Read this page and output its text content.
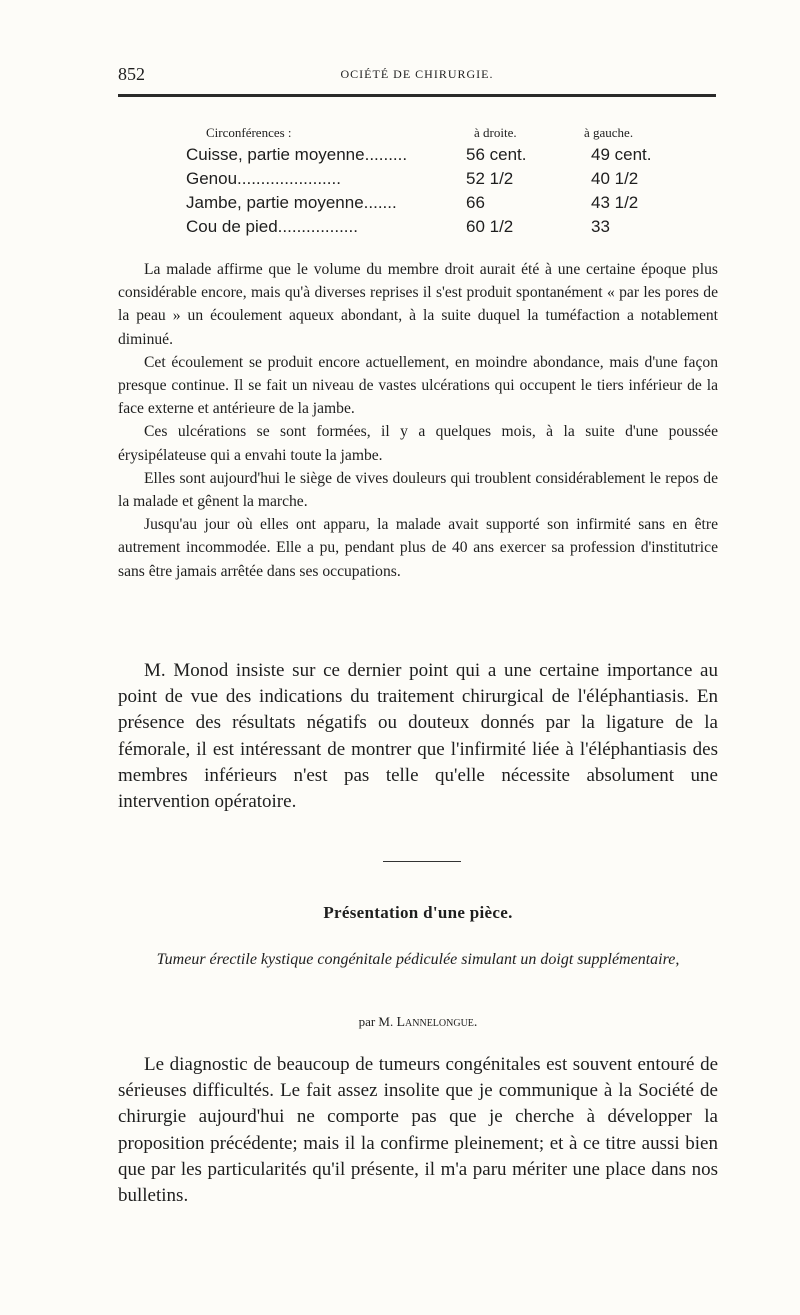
852	OCIÉTÉ DE CHIRURGIE.
Circonférences :	à droite.	à gauche.
Cuisse, partie moyenne.........	56 cent.	49 cent.
Genou......................	52 1/2	40 1/2
Jambe, partie moyenne.......	66	43 1/2
Cou de pied.................	60 1/2	33

La malade affirme que le volume du membre droit aurait été à une certaine époque plus considérable encore, mais qu'à diverses reprises il s'est produit spontanément « par les pores de la peau » un écoulement aqueux abondant, à la suite duquel la tuméfaction a notablement diminué.

Cet écoulement se produit encore actuellement, en moindre abondance, mais d'une façon presque continue. Il se fait un niveau de vastes ulcérations qui occupent le tiers inférieur de la face externe et antérieure de la jambe.

Ces ulcérations se sont formées, il y a quelques mois, à la suite d'une poussée érysipélateuse qui a envahi toute la jambe.

Elles sont aujourd'hui le siège de vives douleurs qui troublent considérablement le repos de la malade et gênent la marche.

Jusqu'au jour où elles ont apparu, la malade avait supporté son infirmité sans en être autrement incommodée. Elle a pu, pendant plus de 40 ans exercer sa profession d'institutrice sans être jamais arrêtée dans ses occupations.

M. Monod insiste sur ce dernier point qui a une certaine importance au point de vue des indications du traitement chirurgical de l'éléphantiasis. En présence des résultats négatifs ou douteux donnés par la ligature de la fémorale, il est intéressant de montrer que l'infirmité liée à l'éléphantiasis des membres inférieurs n'est pas telle qu'elle nécessite absolument une intervention opératoire.

Présentation d'une pièce.
Tumeur érectile kystique congénitale pédiculée simulant un doigt supplémentaire,
par M. Lannelongue.

Le diagnostic de beaucoup de tumeurs congénitales est souvent entouré de sérieuses difficultés. Le fait assez insolite que je communique à la Société de chirurgie aujourd'hui ne comporte pas que je cherche à développer la proposition précédente; mais il la confirme pleinement; et à ce titre aussi bien que par les particularités qu'il présente, il m'a paru mériter une place dans nos bulletins.
